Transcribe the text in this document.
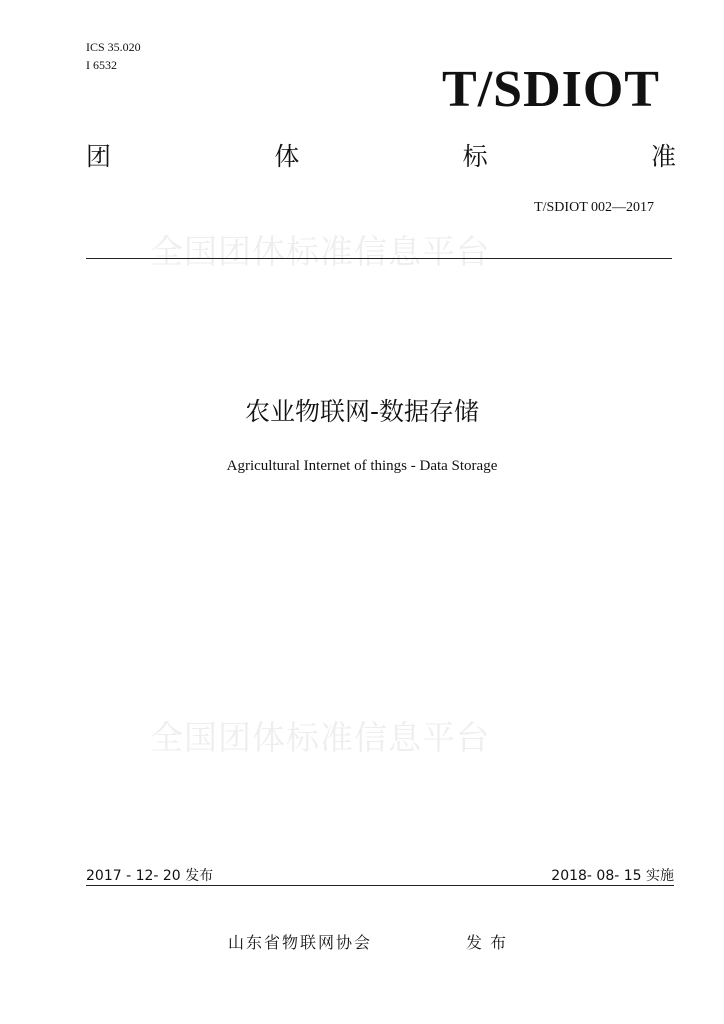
ICS 35.020
I 6532	T/SDIOT
团	体	标	准
T/SDIOT 002—2017
全国团体标准信息平台
农业物联网-数据存储
Agricultural Internet of things - Data Storage
全国团体标准信息平台
2017 - 12- 20 发布	2018- 08- 15 实施
山东省物联网协会	发布
